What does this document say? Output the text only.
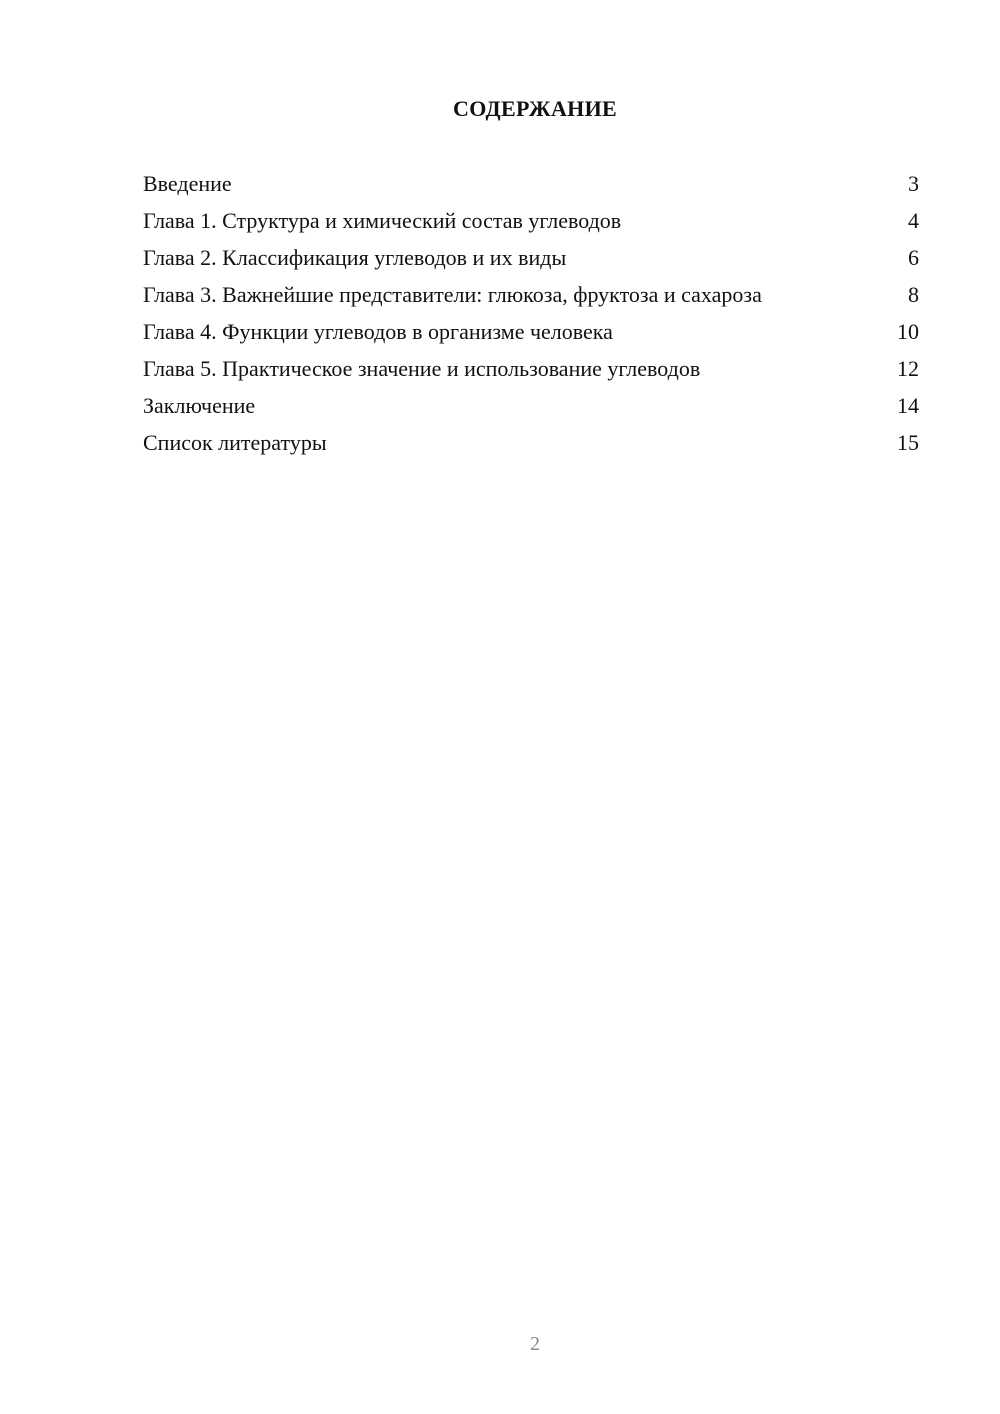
СОДЕРЖАНИЕ
Введение	3
Глава 1. Структура и химический состав углеводов	4
Глава 2. Классификация углеводов и их виды	6
Глава 3. Важнейшие представители: глюкоза, фруктоза и сахароза	8
Глава 4. Функции углеводов в организме человека	10
Глава 5. Практическое значение и использование углеводов	12
Заключение	14
Список литературы	15
2
